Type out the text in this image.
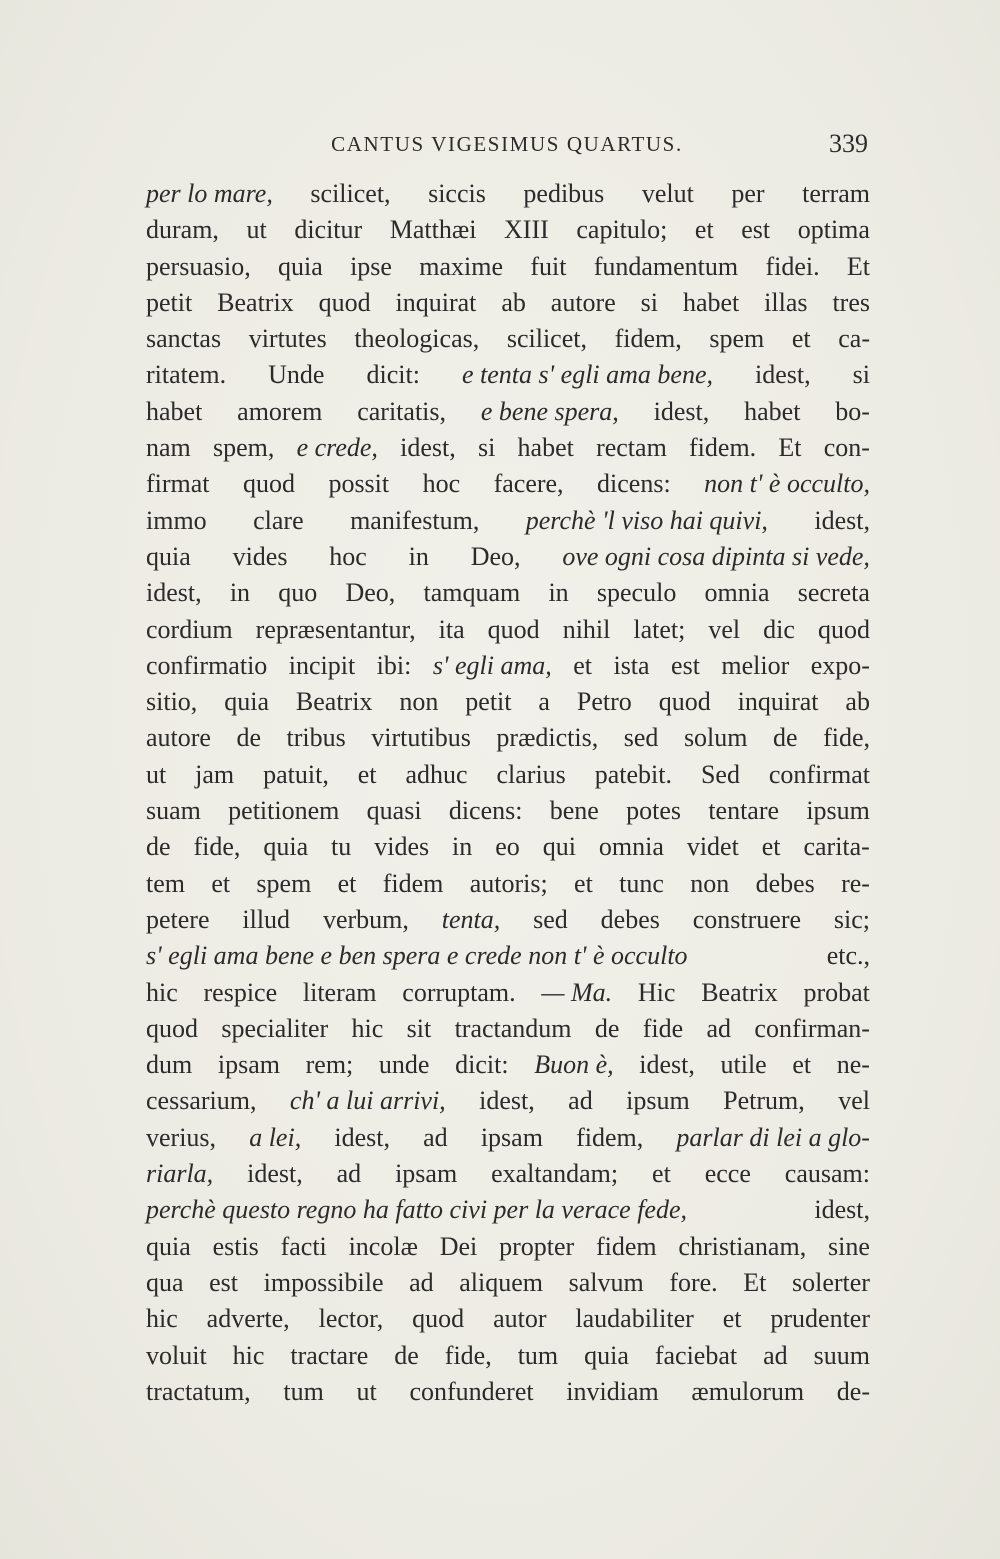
CANTUS VIGESIMUS QUARTUS.	339
per lo mare, scilicet, siccis pedibus velut per terram
duram, ut dicitur Matthæi XIII capitulo; et est optima
persuasio, quia ipse maxime fuit fundamentum fidei. Et
petit Beatrix quod inquirat ab autore si habet illas tres
sanctas virtutes theologicas, scilicet, fidem, spem et ca-
ritatem. Unde dicit: e tenta s' egli ama bene, idest, si
habet amorem caritatis, e bene spera, idest, habet bo-
nam spem, e crede, idest, si habet rectam fidem. Et con-
firmat quod possit hoc facere, dicens: non t' è occulto,
immo clare manifestum, perchè 'l viso hai quivi, idest,
quia vides hoc in Deo, ove ogni cosa dipinta si vede,
idest, in quo Deo, tamquam in speculo omnia secreta
cordium repræsentantur, ita quod nihil latet; vel dic quod
confirmatio incipit ibi: s' egli ama, et ista est melior expo-
sitio, quia Beatrix non petit a Petro quod inquirat ab
autore de tribus virtutibus prædictis, sed solum de fide,
ut jam patuit, et adhuc clarius patebit. Sed confirmat
suam petitionem quasi dicens: bene potes tentare ipsum
de fide, quia tu vides in eo qui omnia videt et carita-
tem et spem et fidem autoris; et tunc non debes re-
petere illud verbum, tenta, sed debes construere sic;
s' egli ama bene e ben spera e crede non t' è occulto	etc.,
hic respice literam corruptam. — Ma. Hic Beatrix probat
quod specialiter hic sit tractandum de fide ad confirman-
dum ipsam rem; unde dicit: Buon è, idest, utile et ne-
cessarium, ch' a lui arrivi, idest, ad ipsum Petrum, vel
verius, a lei, idest, ad ipsam fidem, parlar di lei a glo-
riarla, idest, ad ipsam exaltandam; et ecce causam:
perchè questo regno ha fatto civi per la verace fede,	idest,
quia estis facti incolæ Dei propter fidem christianam, sine
qua est impossibile ad aliquem salvum fore. Et solerter
hic adverte, lector, quod autor laudabiliter et prudenter
voluit hic tractare de fide, tum quia faciebat ad suum
tractatum, tum ut confunderet invidiam æmulorum de-
